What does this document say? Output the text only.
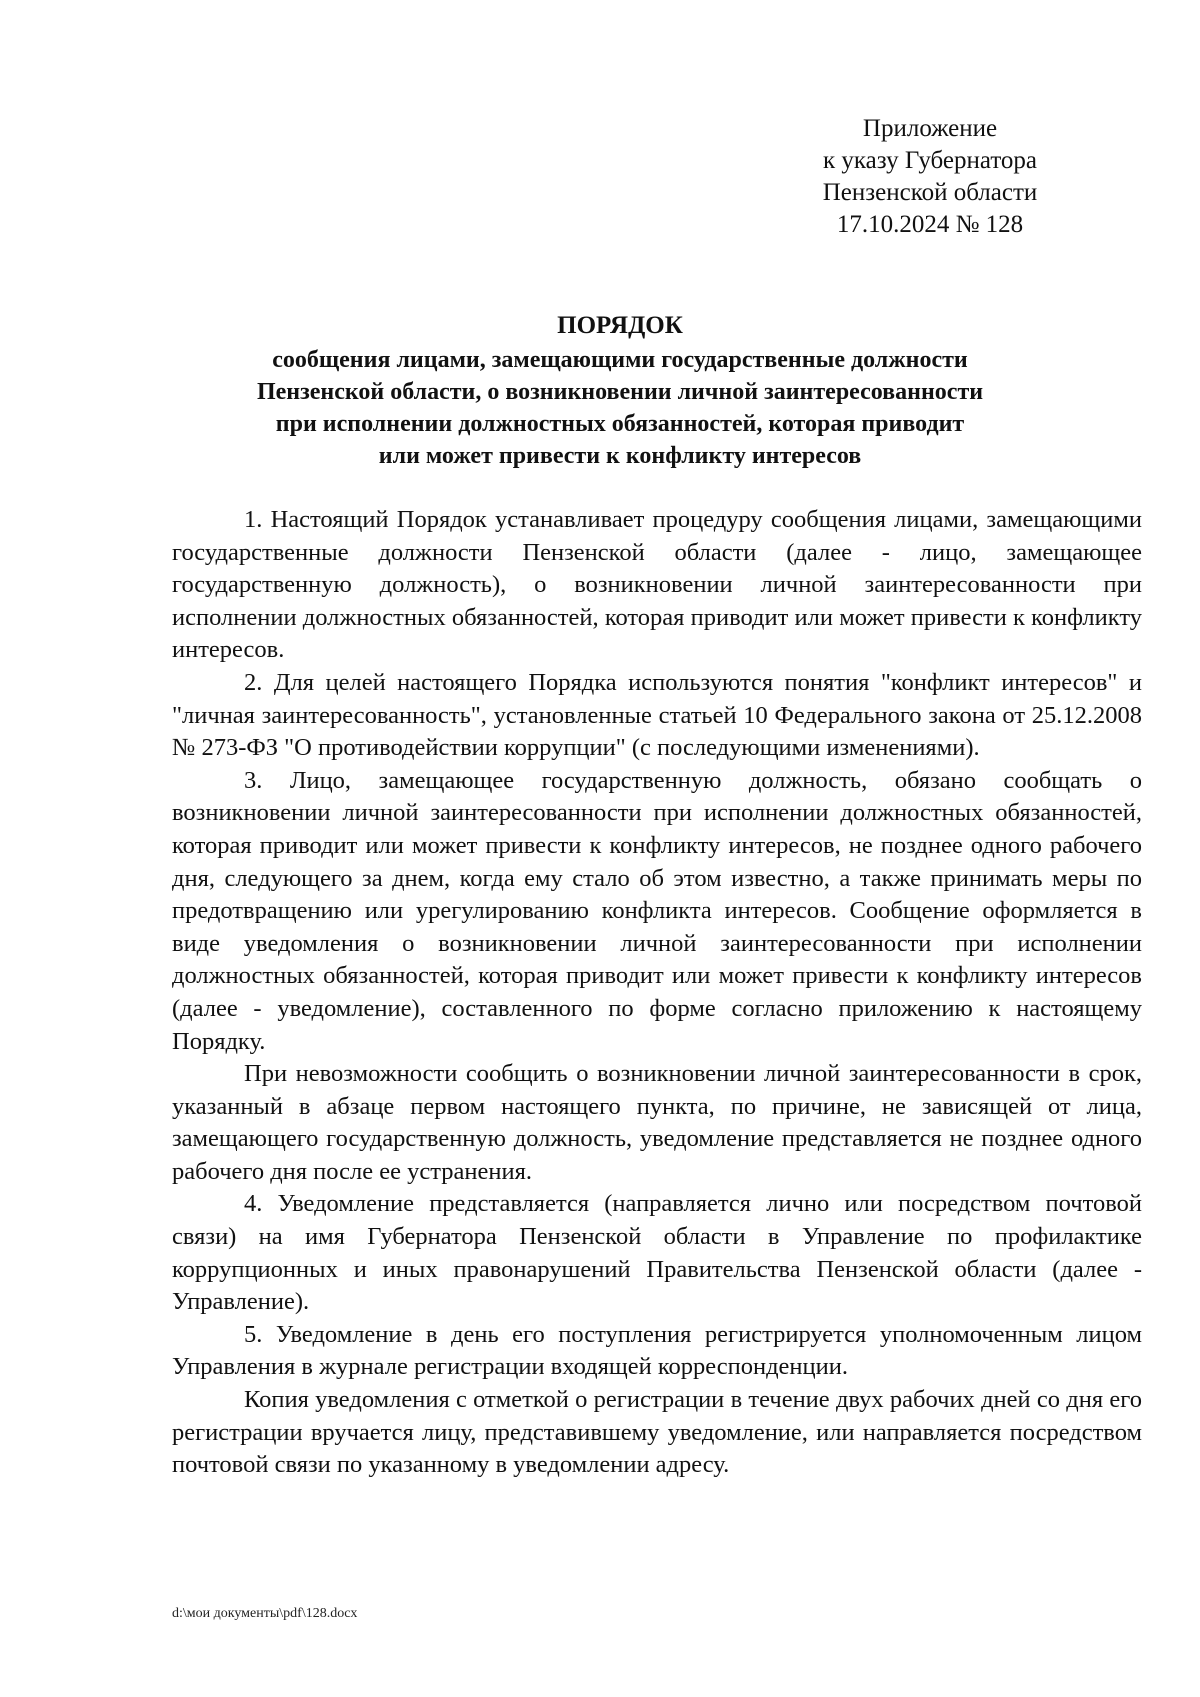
Приложение
к указу Губернатора
Пензенской области
17.10.2024 № 128
ПОРЯДОК
сообщения лицами, замещающими государственные должности
Пензенской области, о возникновении личной заинтересованности
при исполнении должностных обязанностей, которая приводит
или может привести к конфликту интересов

1. Настоящий Порядок устанавливает процедуру сообщения лицами, замещающими государственные должности Пензенской области (далее - лицо, замещающее государственную должность), о возникновении личной заинтересованности при исполнении должностных обязанностей, которая приводит или может привести к конфликту интересов.

2. Для целей настоящего Порядка используются понятия "конфликт интересов" и "личная заинтересованность", установленные статьей 10 Федерального закона от 25.12.2008 № 273-ФЗ "О противодействии коррупции" (с последующими изменениями).

3. Лицо, замещающее государственную должность, обязано сообщать о возникновении личной заинтересованности при исполнении должностных обязанностей, которая приводит или может привести к конфликту интересов, не позднее одного рабочего дня, следующего за днем, когда ему стало об этом известно, а также принимать меры по предотвращению или урегулированию конфликта интересов. Сообщение оформляется в виде уведомления о возникновении личной заинтересованности при исполнении должностных обязанностей, которая приводит или может привести к конфликту интересов (далее - уведомление), составленного по форме согласно приложению к настоящему Порядку.

При невозможности сообщить о возникновении личной заинтересованности в срок, указанный в абзаце первом настоящего пункта, по причине, не зависящей от лица, замещающего государственную должность, уведомление представляется не позднее одного рабочего дня после ее устранения.

4. Уведомление представляется (направляется лично или посредством почтовой связи) на имя Губернатора Пензенской области в Управление по профилактике коррупционных и иных правонарушений Правительства Пензенской области (далее - Управление).

5. Уведомление в день его поступления регистрируется уполномоченным лицом Управления в журнале регистрации входящей корреспонденции.

Копия уведомления с отметкой о регистрации в течение двух рабочих дней со дня его регистрации вручается лицу, представившему уведомление, или направляется посредством почтовой связи по указанному в уведомлении адресу.

d:\мои документы\pdf\128.docx
